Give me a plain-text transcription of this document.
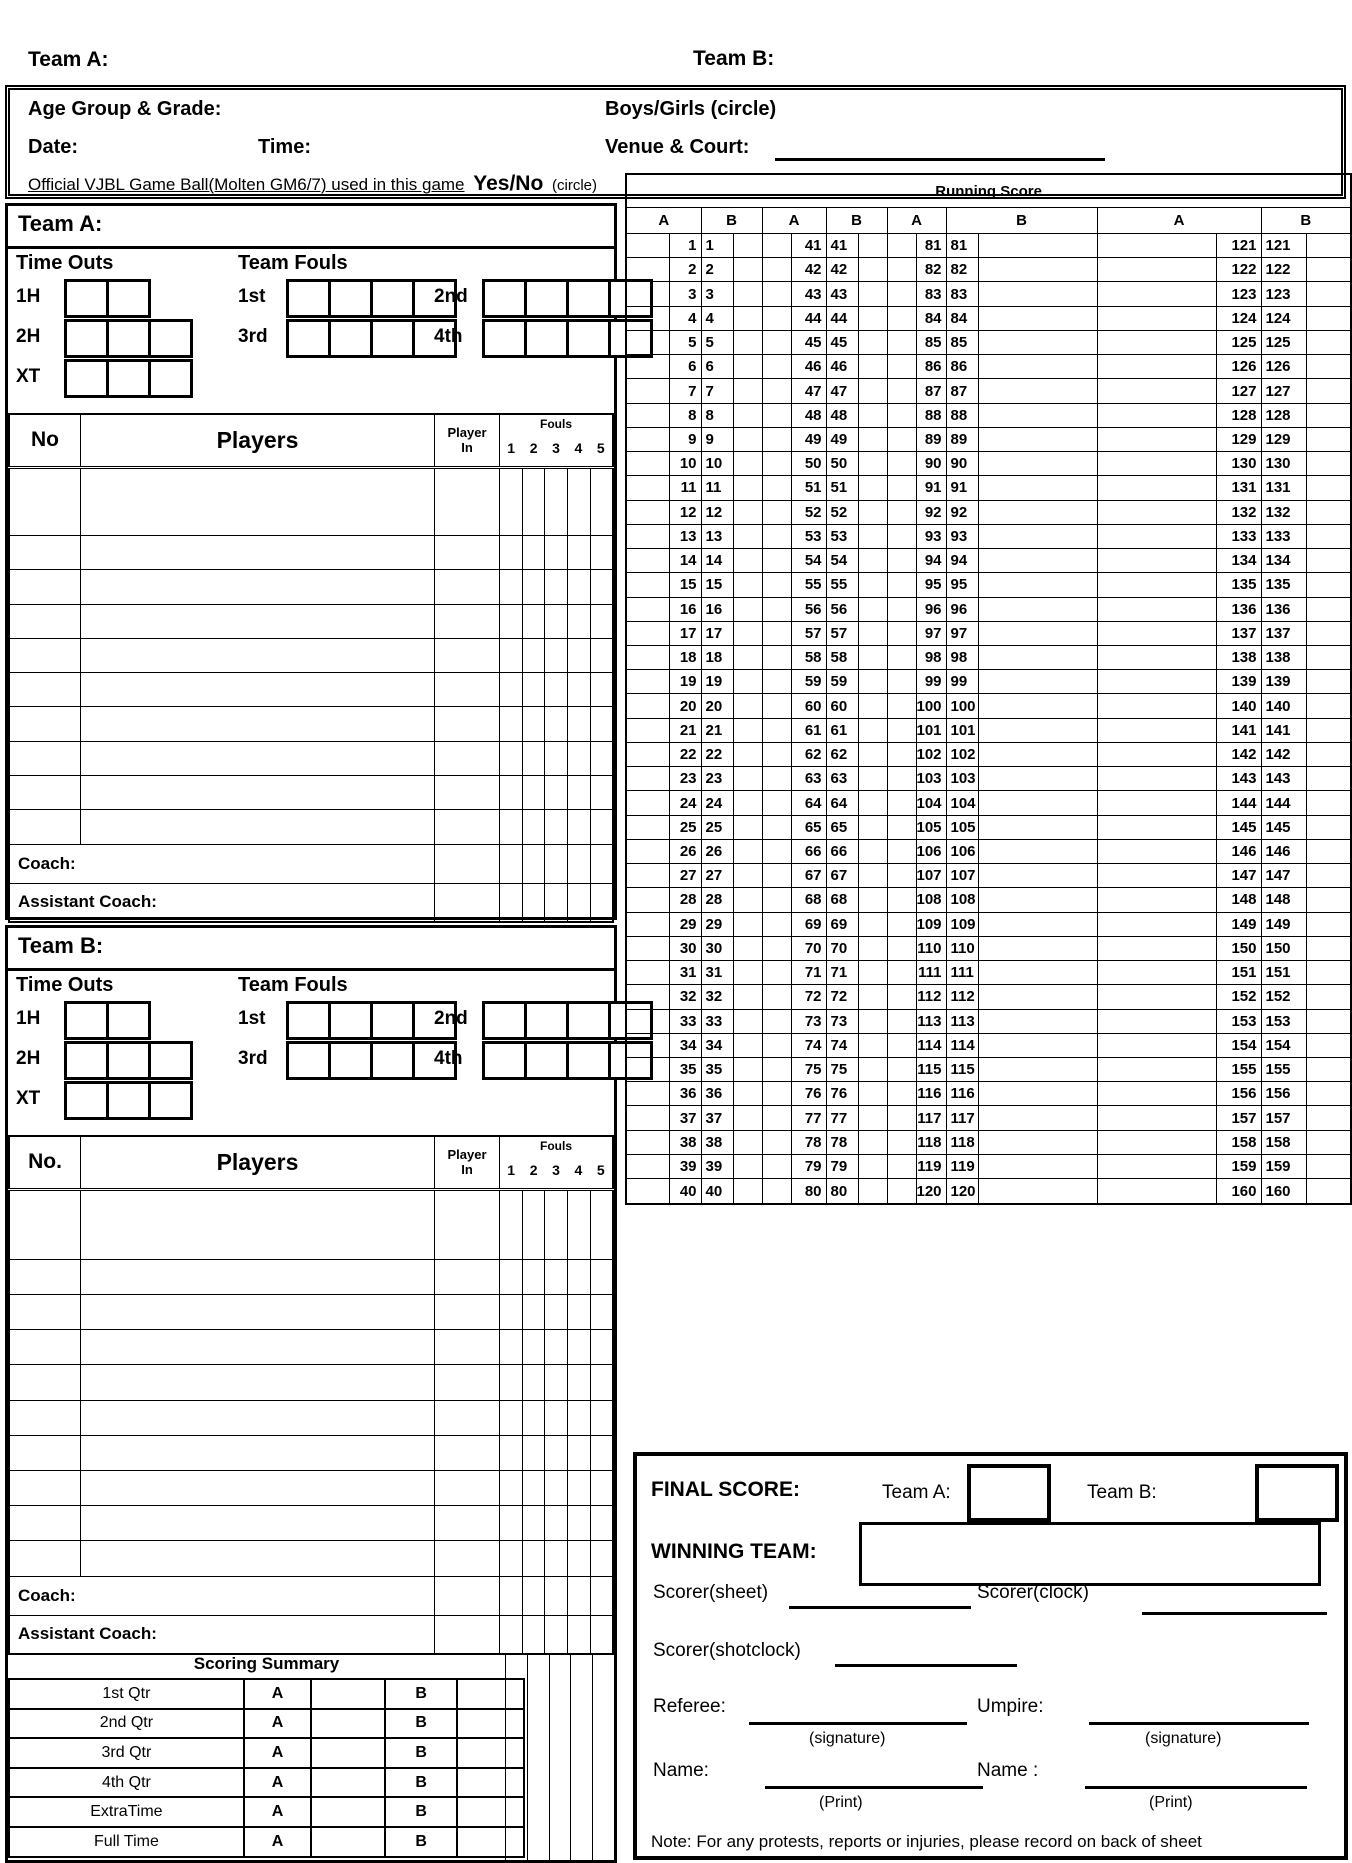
Team A:	Team B:
Age Group & Grade:	Boys/Girls (circle)
Date:	Time:	Venue & Court:
Official VJBL Game Ball(Molten GM6/7) used in this game Yes/No (circle)
Team A:
Time Outs	Team Fouls
1H
2H
XT
1st
3rd
2nd
4th
No	Players	Player
In	
Fouls
1	2	3	4	5

Coach:							
Assistant Coach:							
Team B:
Time Outs	Team Fouls
1H
2H
XT
1st
3rd
2nd
4th
No.	Players	Player
In	
Fouls
1	2	3	4	5

Coach:							
Assistant Coach:							
Scoring Summary
1st Qtr	A		B	
2nd Qtr	A		B	
3rd Qtr	A		B	
4th Qtr	A		B	
ExtraTime	A		B	
Full Time	A		B	
Running Score															
A		B		A		B		A		B		A		B	
	1	1			41	41			81	81			121	121	
	2	2			42	42			82	82			122	122	
	3	3			43	43			83	83			123	123	
	4	4			44	44			84	84			124	124	
	5	5			45	45			85	85			125	125	
	6	6			46	46			86	86			126	126	
	7	7			47	47			87	87			127	127	
	8	8			48	48			88	88			128	128	
	9	9			49	49			89	89			129	129	
	10	10			50	50			90	90			130	130	
	11	11			51	51			91	91			131	131	
	12	12			52	52			92	92			132	132	
	13	13			53	53			93	93			133	133	
	14	14			54	54			94	94			134	134	
	15	15			55	55			95	95			135	135	
	16	16			56	56			96	96			136	136	
	17	17			57	57			97	97			137	137	
	18	18			58	58			98	98			138	138	
	19	19			59	59			99	99			139	139	
	20	20			60	60			100	100			140	140	
	21	21			61	61			101	101			141	141	
	22	22			62	62			102	102			142	142	
	23	23			63	63			103	103			143	143	
	24	24			64	64			104	104			144	144	
	25	25			65	65			105	105			145	145	
	26	26			66	66			106	106			146	146	
	27	27			67	67			107	107			147	147	
	28	28			68	68			108	108			148	148	
	29	29			69	69			109	109			149	149	
	30	30			70	70			110	110			150	150	
	31	31			71	71			111	111			151	151	
	32	32			72	72			112	112			152	152	
	33	33			73	73			113	113			153	153	
	34	34			74	74			114	114			154	154	
	35	35			75	75			115	115			155	155	
	36	36			76	76			116	116			156	156	
	37	37			77	77			117	117			157	157	
	38	38			78	78			118	118			158	158	
	39	39			79	79			119	119			159	159	
	40	40			80	80			120	120			160	160	
FINAL SCORE:	Team A:	Team B:
WINNING TEAM:
Scorer(sheet)	Scorer(clock)
Scorer(shotclock)
Referee:
(signature)
Umpire:
(signature)
Name:
(Print)
Name :
(Print)
Note: For any protests, reports or injuries, please record on back of sheet
